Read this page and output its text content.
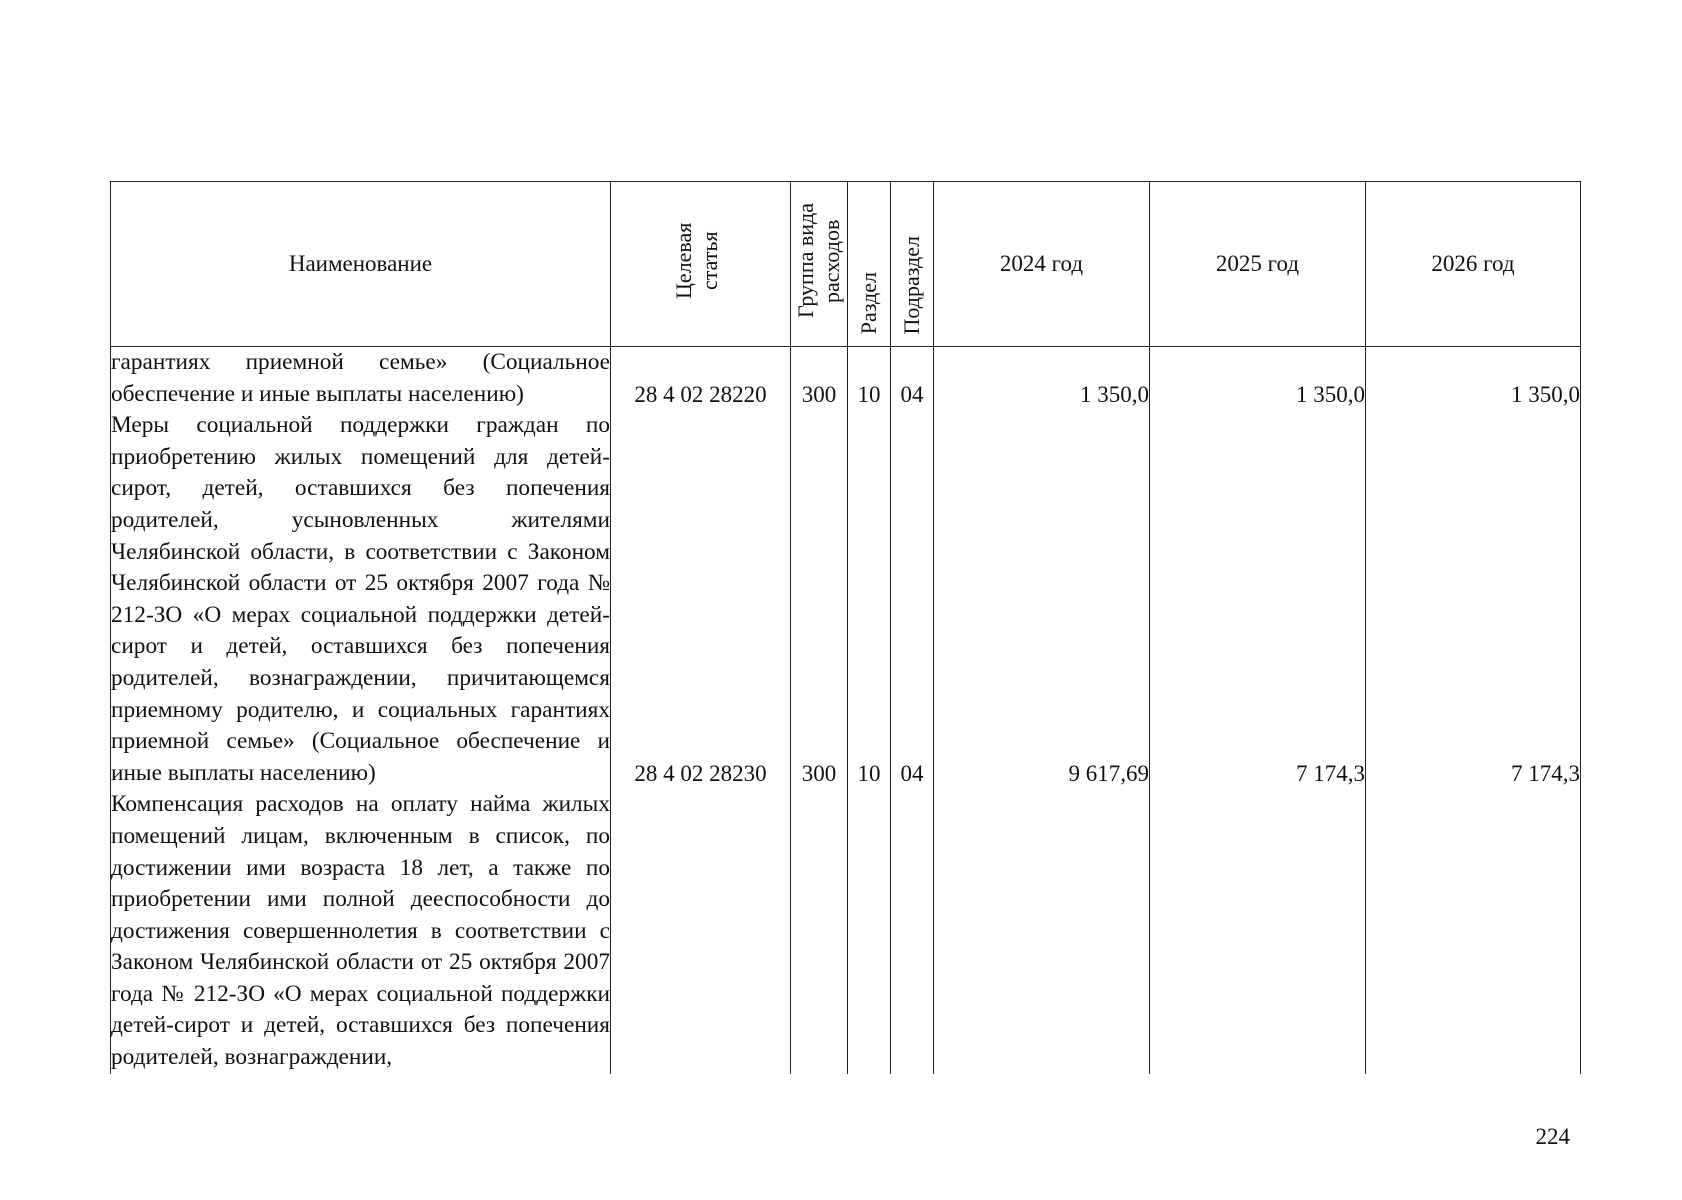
Наименование	Целевая статья	Группа вида расходов	Раздел	Подраздел	2024 год	2025 год	2026 год

гарантиях приемной семье» (Социальное обеспечение и иные выплаты населению)	28 4 02 28220	300	10	04	1 350,0	1 350,0	1 350,0

Меры социальной поддержки граждан по приобретению жилых помещений для детей-сирот, детей, оставшихся без попечения родителей, усыновленных жителями Челябинской области, в соответствии с Законом Челябинской области от 25 октября 2007 года № 212-ЗО «О мерах социальной поддержки детей-сирот и детей, оставшихся без попечения родителей, вознаграждении, причитающемся приемному родителю, и социальных гарантиях приемной семье» (Социальное обеспечение и иные выплаты населению)	28 4 02 28230	300	10	04	9 617,69	7 174,3	7 174,3

Компенсация расходов на оплату найма жилых помещений лицам, включенным в список, по достижении ими возраста 18 лет, а также по приобретении ими полной дееспособности до достижения совершеннолетия в соответствии с Законом Челябинской области от 25 октября 2007 года № 212-ЗО «О мерах социальной поддержки детей-сирот и детей, оставшихся без попечения родителей, вознаграждении,							

224
